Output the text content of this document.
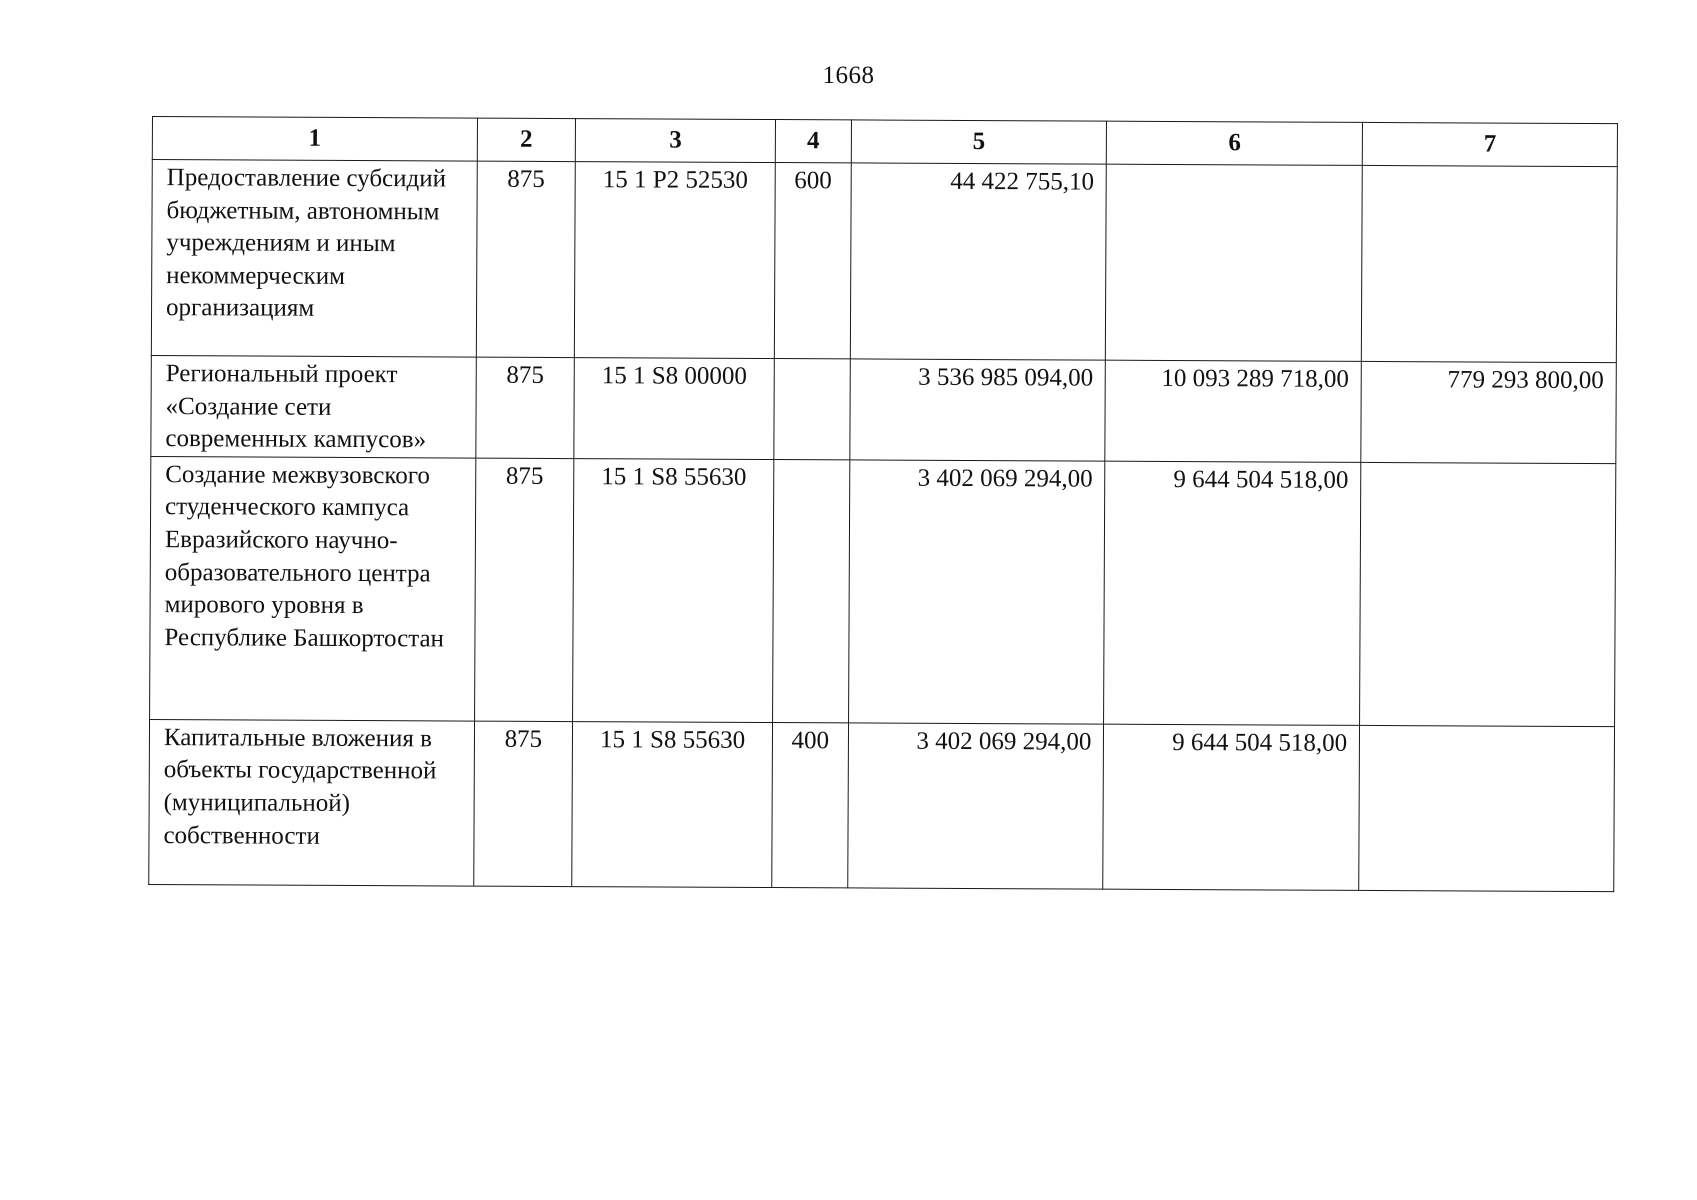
1668
1	2	3	4	5	6	7
Предоставление субсидий бюджетным, автономным учреждениям и иным некоммерческим организациям	875	15 1 P2 52530	600	44 422 755,10		
Региональный проект «Создание сети современных кампусов»	875	15 1 S8 00000		3 536 985 094,00	10 093 289 718,00	779 293 800,00
Создание межвузовского студенческого кампуса Евразийского научно-образовательного центра мирового уровня в Республике Башкортостан	875	15 1 S8 55630		3 402 069 294,00	9 644 504 518,00	
Капитальные вложения в объекты государственной (муниципальной) собственности	875	15 1 S8 55630	400	3 402 069 294,00	9 644 504 518,00	
